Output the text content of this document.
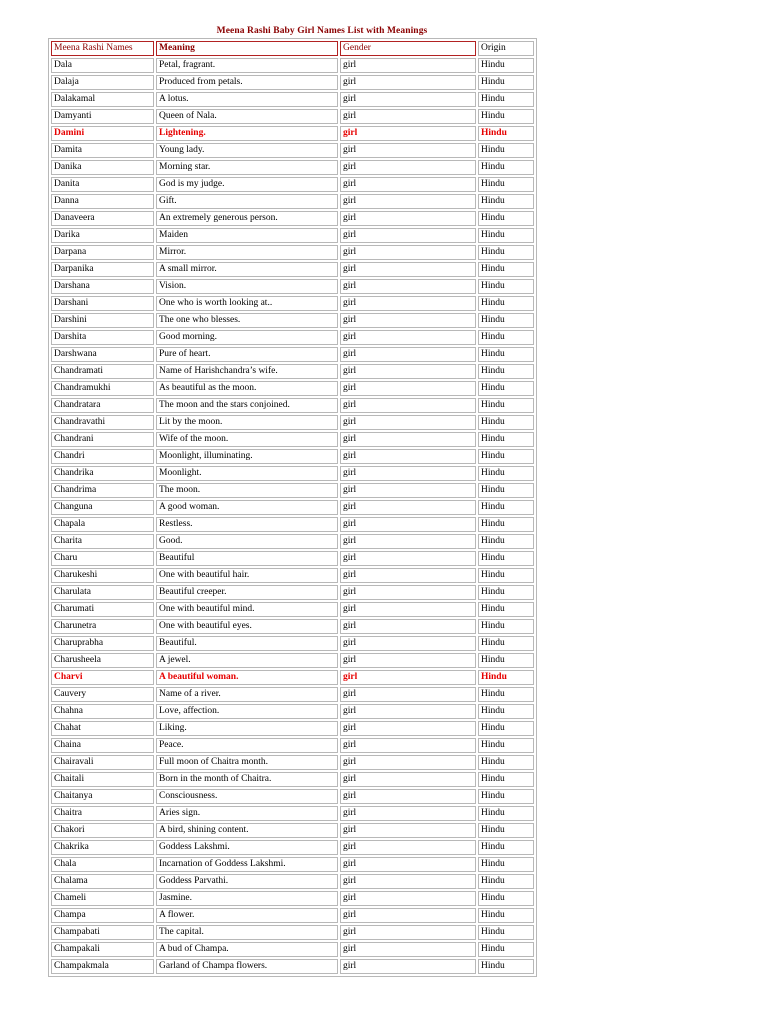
Meena Rashi Baby Girl Names List with Meanings
Meena Rashi Names	Meaning	Gender	Origin
Dala	Petal, fragrant.	girl	Hindu
Dalaja	Produced from petals.	girl	Hindu
Dalakamal	A lotus.	girl	Hindu
Damyanti	Queen of Nala.	girl	Hindu
Damini	Lightening.	girl	Hindu
Damita	Young lady.	girl	Hindu
Danika	Morning star.	girl	Hindu
Danita	God is my judge.	girl	Hindu
Danna	Gift.	girl	Hindu
Danaveera	An extremely generous person.	girl	Hindu
Darika	Maiden	girl	Hindu
Darpana	Mirror.	girl	Hindu
Darpanika	A small mirror.	girl	Hindu
Darshana	Vision.	girl	Hindu
Darshani	One who is worth looking at..	girl	Hindu
Darshini	The one who blesses.	girl	Hindu
Darshita	Good morning.	girl	Hindu
Darshwana	Pure of heart.	girl	Hindu
Chandramati	Name of Harishchandra’s wife.	girl	Hindu
Chandramukhi	As beautiful as the moon.	girl	Hindu
Chandratara	The moon and the stars conjoined.	girl	Hindu
Chandravathi	Lit by the moon.	girl	Hindu
Chandrani	Wife of the moon.	girl	Hindu
Chandri	Moonlight, illuminating.	girl	Hindu
Chandrika	Moonlight.	girl	Hindu
Chandrima	The moon.	girl	Hindu
Changuna	A good woman.	girl	Hindu
Chapala	Restless.	girl	Hindu
Charita	Good.	girl	Hindu
Charu	Beautiful	girl	Hindu
Charukeshi	One with beautiful hair.	girl	Hindu
Charulata	Beautiful creeper.	girl	Hindu
Charumati	One with beautiful mind.	girl	Hindu
Charunetra	One with beautiful eyes.	girl	Hindu
Charuprabha	Beautiful.	girl	Hindu
Charusheela	A jewel.	girl	Hindu
Charvi	A beautiful woman.	girl	Hindu
Cauvery	Name of a river.	girl	Hindu
Chahna	Love, affection.	girl	Hindu
Chahat	Liking.	girl	Hindu
Chaina	Peace.	girl	Hindu
Chairavali	Full moon of Chaitra month.	girl	Hindu
Chaitali	Born in the month of Chaitra.	girl	Hindu
Chaitanya	Consciousness.	girl	Hindu
Chaitra	Aries sign.	girl	Hindu
Chakori	A bird, shining content.	girl	Hindu
Chakrika	Goddess Lakshmi.	girl	Hindu
Chala	Incarnation of Goddess Lakshmi.	girl	Hindu
Chalama	Goddess Parvathi.	girl	Hindu
Chameli	Jasmine.	girl	Hindu
Champa	A flower.	girl	Hindu
Champabati	The capital.	girl	Hindu
Champakali	A bud of Champa.	girl	Hindu
Champakmala	Garland of Champa flowers.	girl	Hindu
